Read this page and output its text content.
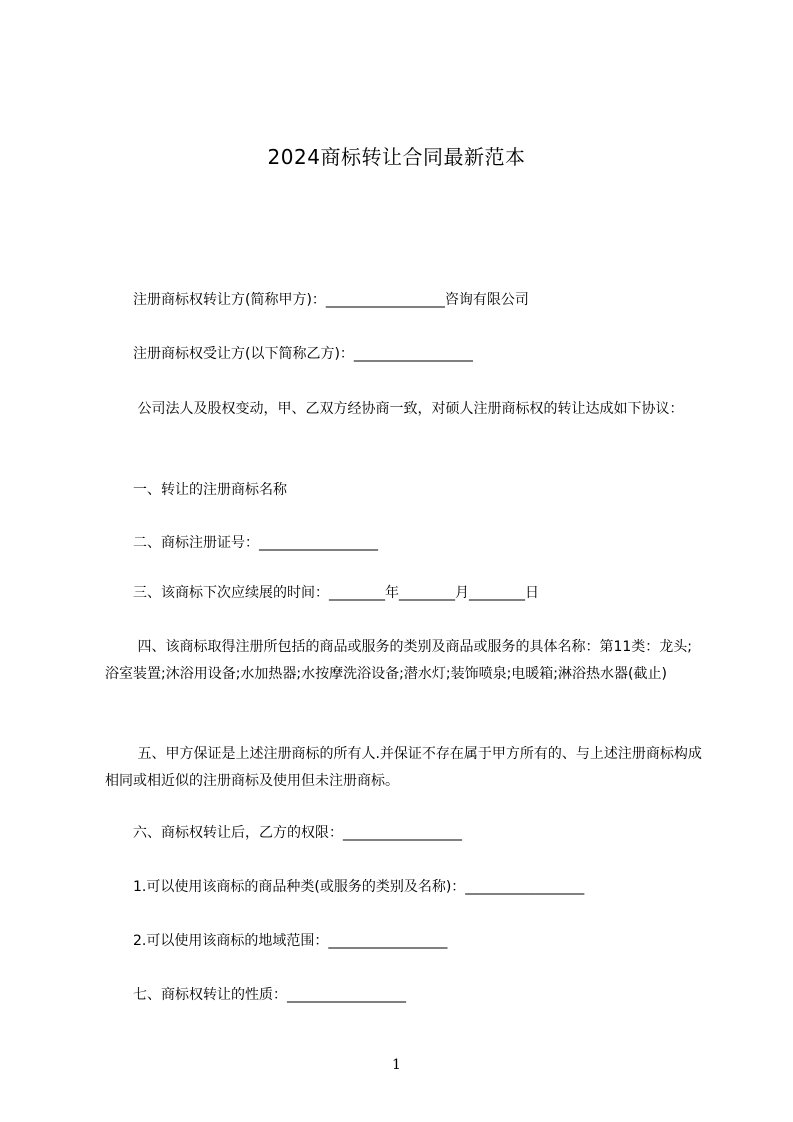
2024商标转让合同最新范本

　　注册商标权转让方(简称甲方)：_________________咨询有限公司

　　注册商标权受让方(以下简称乙方)：_________________

　　 公司法人及股权变动，甲、乙双方经协商一致，对硕人注册商标权的转让达成如下协议：

　　一、转让的注册商标名称

　　二、商标注册证号：_________________

　　三、该商标下次应续展的时间：________年________月________日

　　 四、该商标取得注册所包括的商品或服务的类别及商品或服务的具体名称：第11类：龙头;浴室装置;沐浴用设备;水加热器;水按摩洗浴设备;潜水灯;装饰喷泉;电暖箱;淋浴热水器(截止)

　　 五、甲方保证是上述注册商标的所有人.并保证不存在属于甲方所有的、与上述注册商标构成相同或相近似的注册商标及使用但未注册商标。

　　六、商标权转让后，乙方的权限：_________________

　　1.可以使用该商标的商品种类(或服务的类别及名称)：_________________

　　2.可以使用该商标的地域范围：_________________

　　七、商标权转让的性质：_________________

1
